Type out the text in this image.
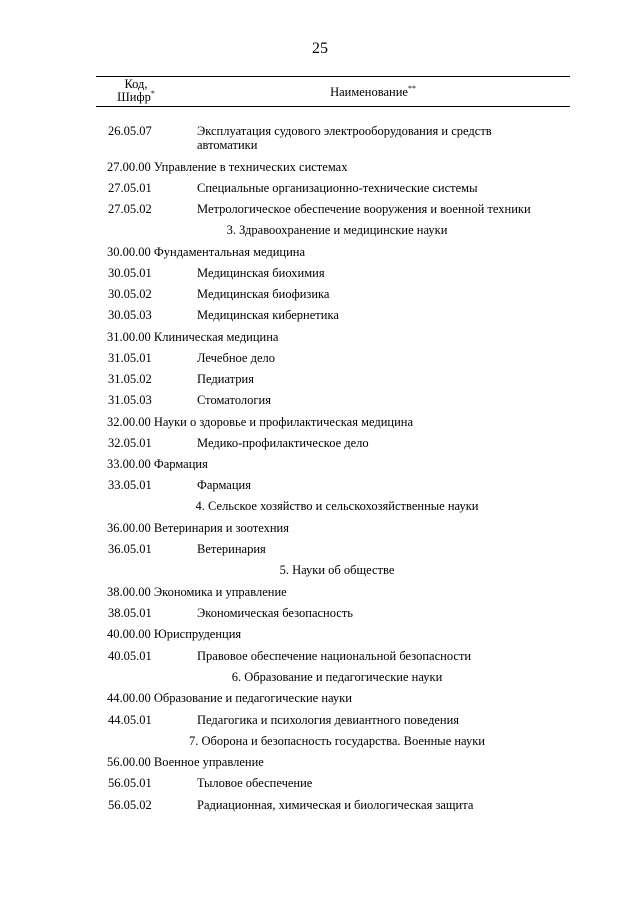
25
Код,
Шифр*	Наименование**
26.05.07	Эксплуатация судового электрооборудования и средств автоматики
27.00.00 Управление в технических системах
27.05.01	Специальные организационно-технические системы
27.05.02	Метрологическое обеспечение вооружения и военной техники
3. Здравоохранение и медицинские науки
30.00.00 Фундаментальная медицина
30.05.01	Медицинская биохимия
30.05.02	Медицинская биофизика
30.05.03	Медицинская кибернетика
31.00.00 Клиническая медицина
31.05.01	Лечебное дело
31.05.02	Педиатрия
31.05.03	Стоматология
32.00.00 Науки о здоровье и профилактическая медицина
32.05.01	Медико-профилактическое дело
33.00.00 Фармация
33.05.01	Фармация
4. Сельское хозяйство и сельскохозяйственные науки
36.00.00 Ветеринария и зоотехния
36.05.01	Ветеринария
5. Науки об обществе
38.00.00 Экономика и управление
38.05.01	Экономическая безопасность
40.00.00 Юриспруденция
40.05.01	Правовое обеспечение национальной безопасности
6. Образование и педагогические науки
44.00.00 Образование и педагогические науки
44.05.01	Педагогика и психология девиантного поведения
7. Оборона и безопасность государства. Военные науки
56.00.00 Военное управление
56.05.01	Тыловое обеспечение
56.05.02	Радиационная, химическая и биологическая защита
